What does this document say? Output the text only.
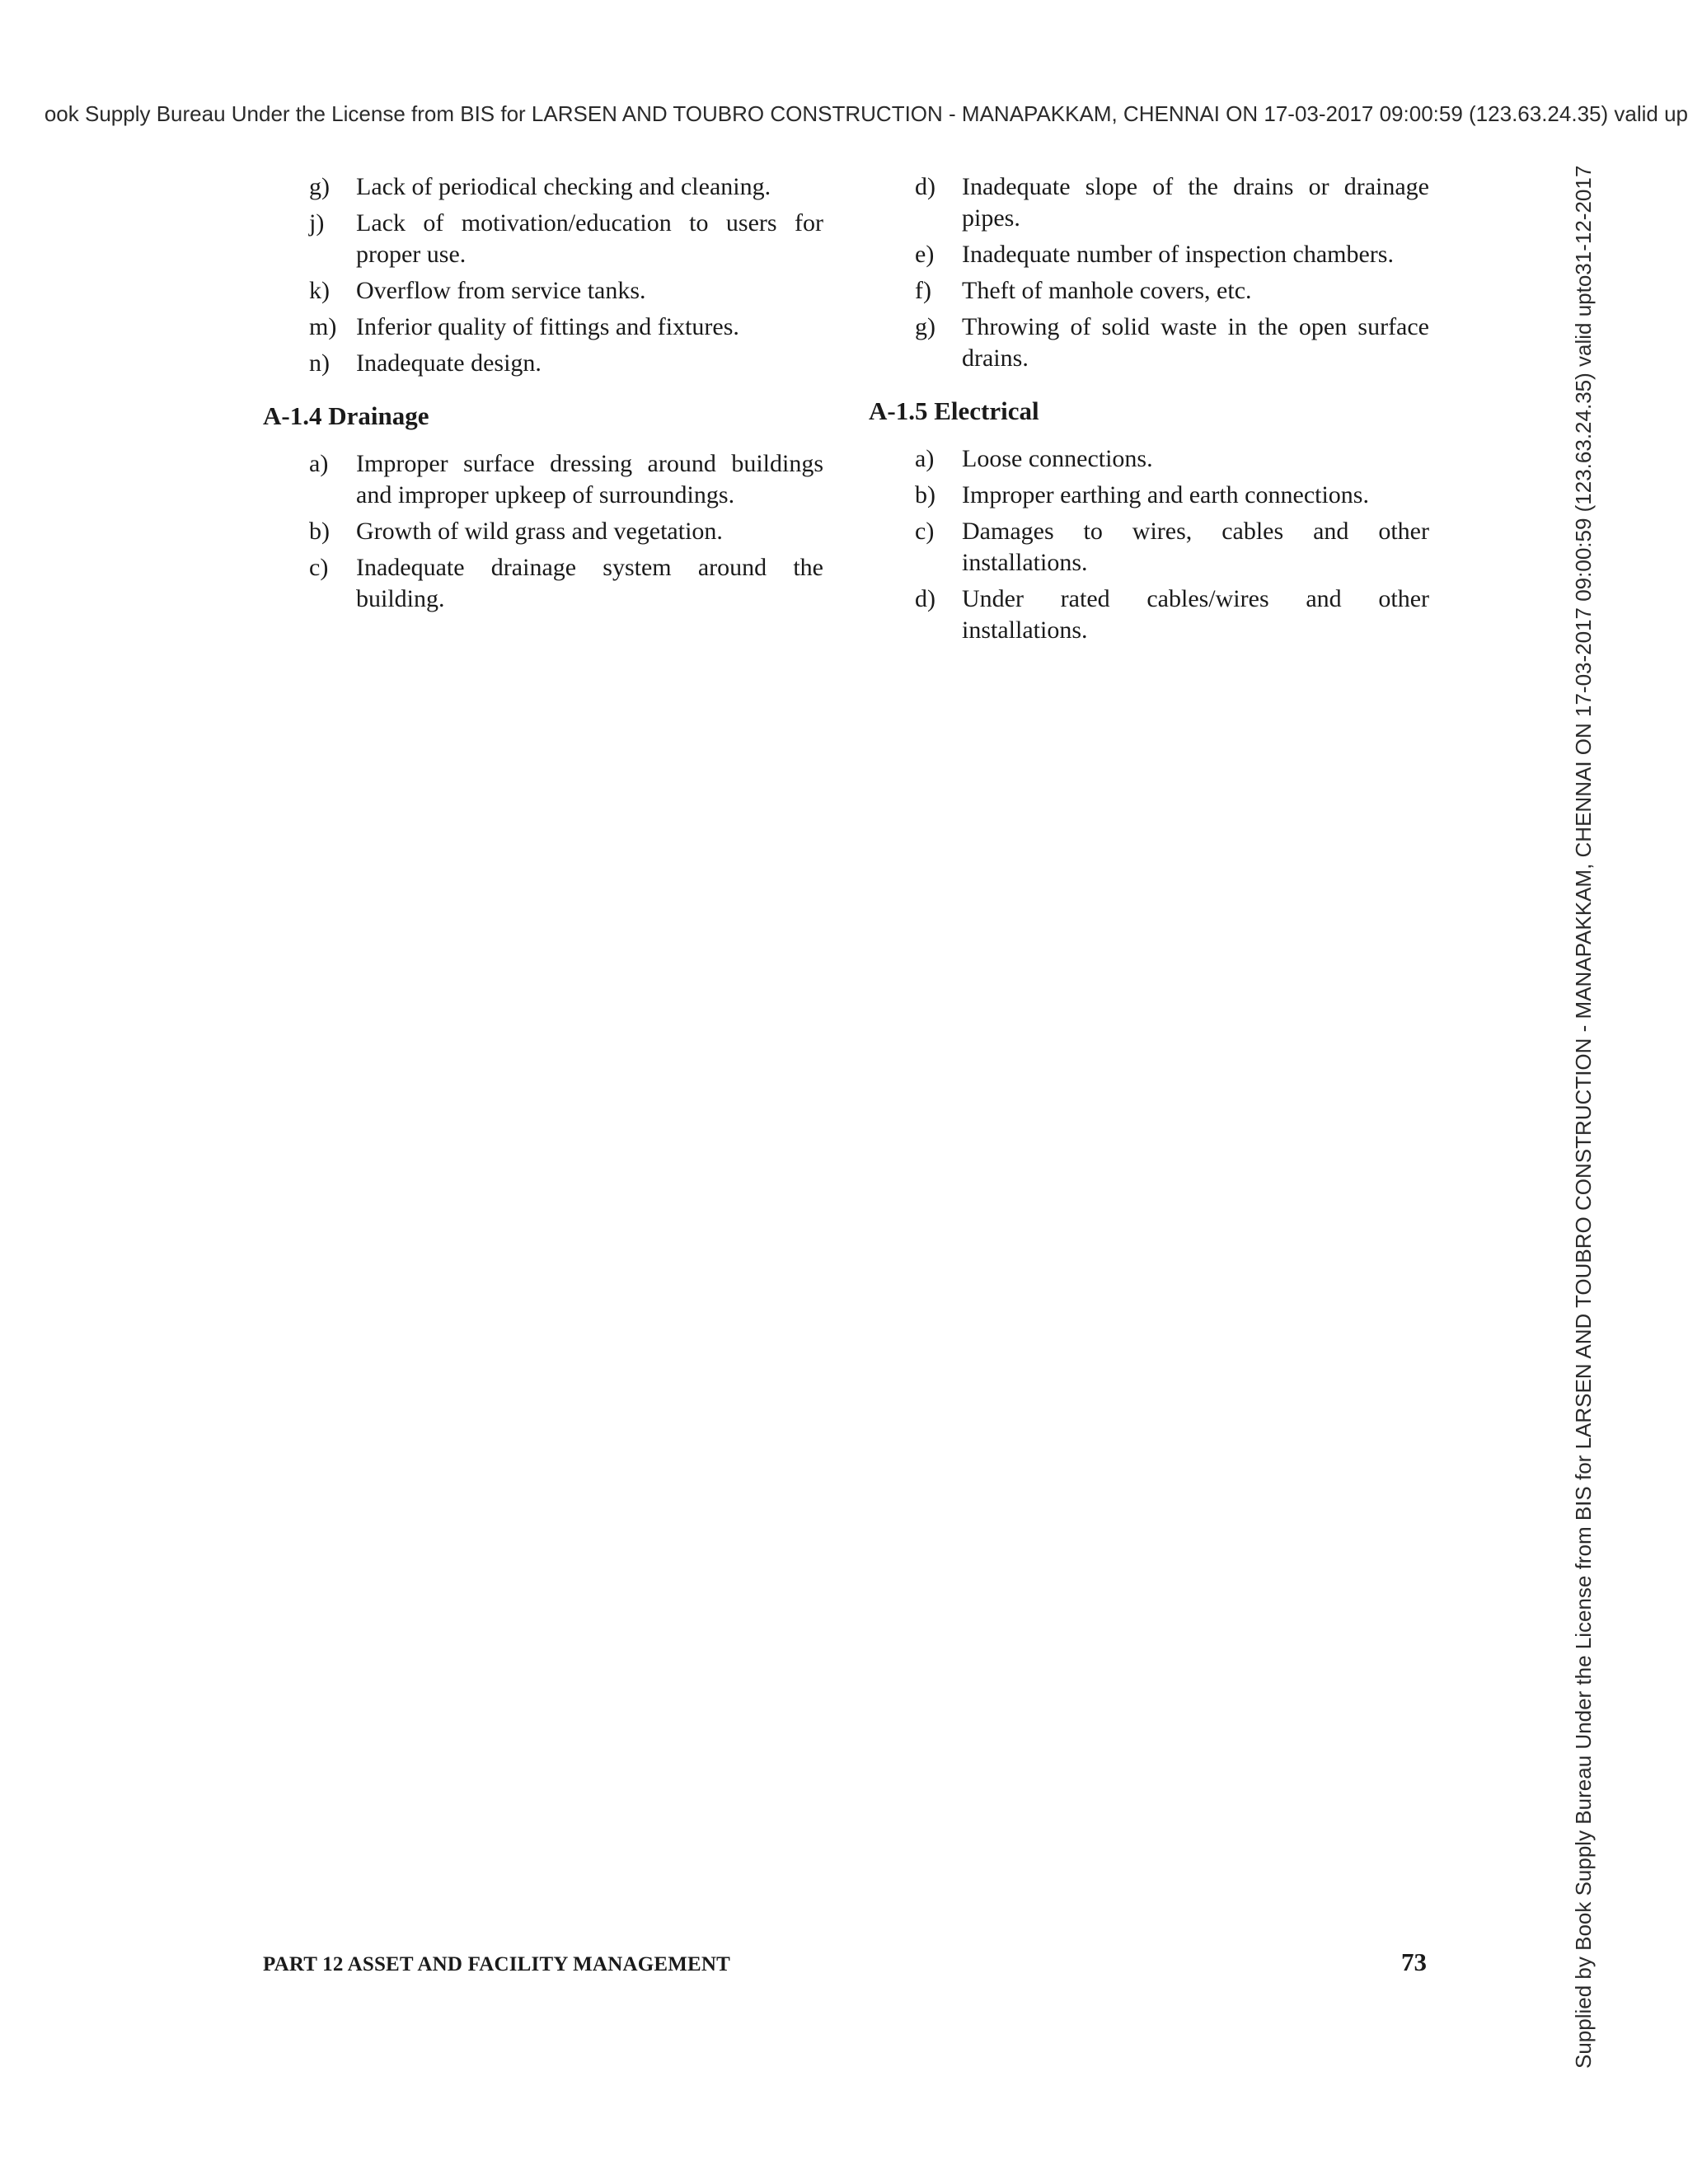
ook Supply Bureau Under the License from BIS for LARSEN AND TOUBRO CONSTRUCTION - MANAPAKKAM, CHENNAI ON 17-03-2017 09:00:59 (123.63.24.35) valid up
Supplied by Book Supply Bureau Under the License from BIS for LARSEN AND TOUBRO CONSTRUCTION - MANAPAKKAM, CHENNAI ON 17-03-2017 09:00:59 (123.63.24.35) valid upto31-12-2017
g) Lack of periodical checking and cleaning.
j) Lack of motivation/education to users for proper use.
k) Overflow from service tanks.
m) Inferior quality of fittings and fixtures.
n) Inadequate design.
A-1.4 Drainage
a) Improper surface dressing around buildings and improper upkeep of surroundings.
b) Growth of wild grass and vegetation.
c) Inadequate drainage system around the building.
d) Inadequate slope of the drains or drainage pipes.
e) Inadequate number of inspection chambers.
f) Theft of manhole covers, etc.
g) Throwing of solid waste in the open surface drains.
A-1.5 Electrical
a) Loose connections.
b) Improper earthing and earth connections.
c) Damages to wires, cables and other installations.
d) Under rated cables/wires and other installations.
PART 12 ASSET AND FACILITY MANAGEMENT	73
